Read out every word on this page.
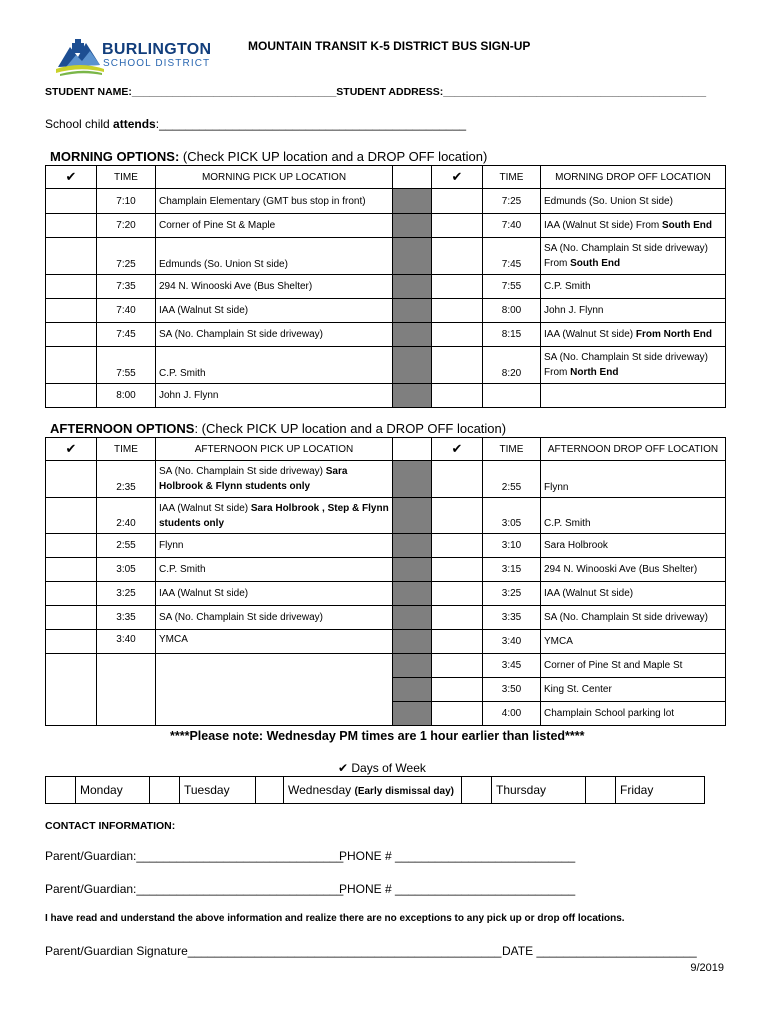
BURLINGTON
SCHOOL DISTRICT
MOUNTAIN TRANSIT K-5 DISTRICT BUS SIGN-UP
STUDENT NAME:___________________________________STUDENT ADDRESS:_____________________________________________
School child attends:______________________________________________
MORNING OPTIONS: (Check PICK UP location and a DROP OFF location)
✔	TIME	MORNING PICK UP LOCATION		✔	TIME	MORNING DROP OFF LOCATION
	7:10	Champlain Elementary (GMT bus stop in front)			7:25	Edmunds (So. Union St side)
	7:20	Corner of Pine St & Maple			7:40	IAA (Walnut St side) From South End
	7:25	Edmunds (So. Union St side)			7:45	SA (No. Champlain St side driveway) From South End
	7:35	294 N. Winooski Ave (Bus Shelter)			7:55	C.P. Smith
	7:40	IAA (Walnut St side)			8:00	John J. Flynn
	7:45	SA (No. Champlain St side driveway)			8:15	IAA (Walnut St side) From North End
	7:55	C.P. Smith			8:20	SA (No. Champlain St side driveway) From North End
	8:00	John J. Flynn				
AFTERNOON OPTIONS: (Check PICK UP location and a DROP OFF location)
✔	TIME	AFTERNOON PICK UP LOCATION		✔	TIME	AFTERNOON DROP OFF LOCATION
	2:35	SA (No. Champlain St side driveway) Sara Holbrook & Flynn students only			2:55	Flynn
	2:40	IAA (Walnut St side) Sara Holbrook , Step & Flynn students only			3:05	C.P. Smith
	2:55	Flynn			3:10	Sara Holbrook
	3:05	C.P. Smith			3:15	294 N. Winooski Ave (Bus Shelter)
	3:25	IAA (Walnut St side)			3:25	IAA (Walnut St side)
	3:35	SA (No. Champlain St side driveway)			3:35	SA (No. Champlain St side driveway)
	3:40	YMCA			3:40	YMCA
					3:45	Corner of Pine St and Maple St
					3:50	King St. Center
					4:00	Champlain School parking lot
****Please note: Wednesday PM times are 1 hour earlier than listed****
✔ Days of Week
	Monday		Tuesday		Wednesday (Early dismissal day)		Thursday		Friday
CONTACT INFORMATION:
Parent/Guardian:_______________________________
PHONE # ___________________________
Parent/Guardian:_______________________________
PHONE # ___________________________
I have read and understand the above information and realize there are no exceptions to any pick up or drop off locations.
Parent/Guardian Signature_______________________________________________ DATE ________________________
9/2019
